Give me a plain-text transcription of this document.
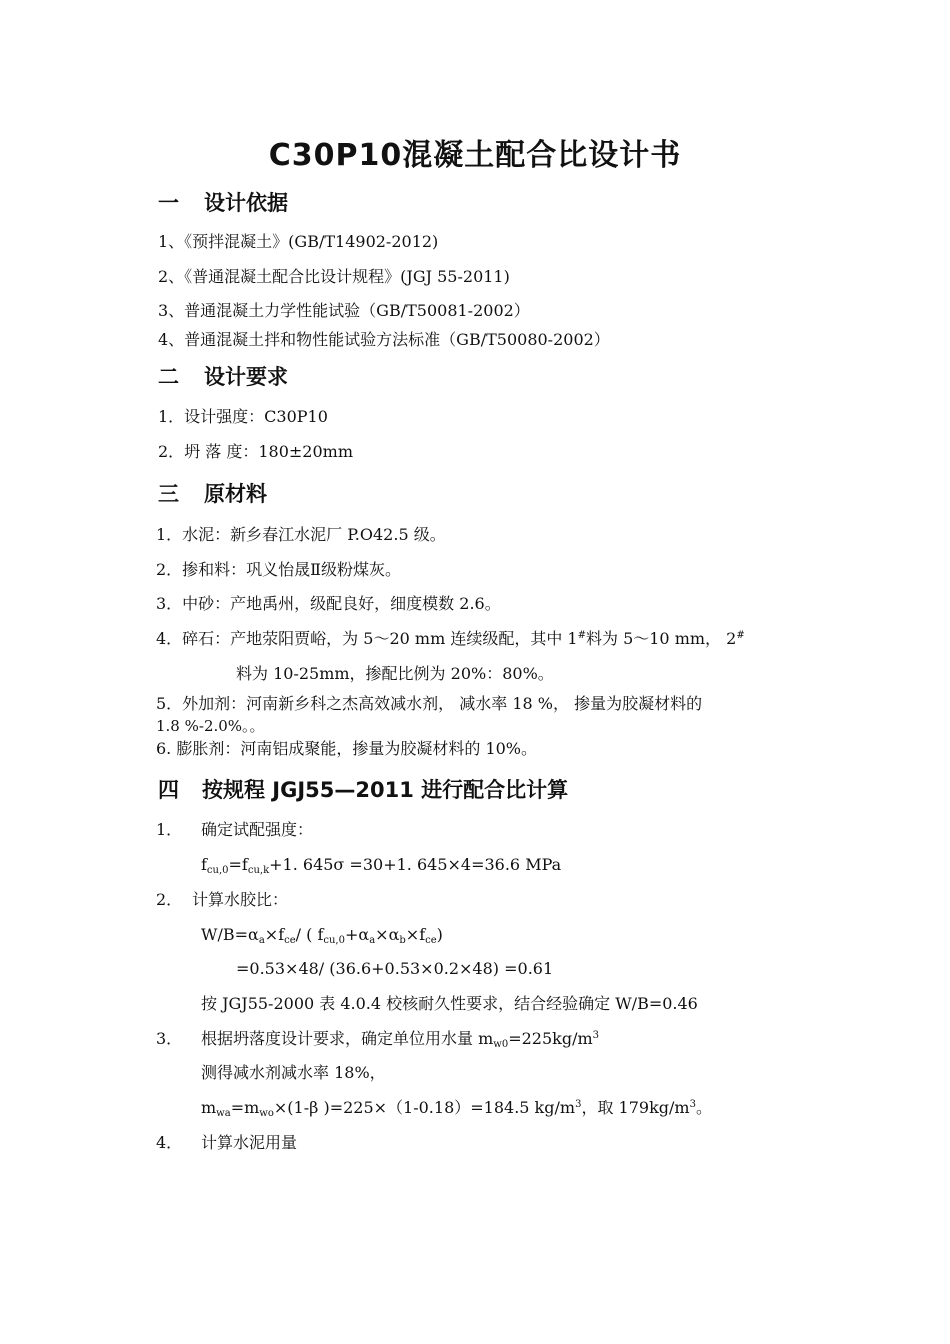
C30P10混凝土配合比设计书
一 设计依据
1、《预拌混凝土》(GB/T14902-2012)
2、《普通混凝土配合比设计规程》(JGJ 55-2011)
3、普通混凝土力学性能试验（GB/T50081-2002）
4、普通混凝土拌和物性能试验方法标准（GB/T50080-2002）
二 设计要求
1．设计强度：C30P10
2．坍 落 度：180±20mm
三 原材料
1．水泥：新乡春江水泥厂 P.O42.5 级。
2．掺和料：巩义怡晟Ⅱ级粉煤灰。
3．中砂：产地禹州，级配良好，细度模数 2.6。
4．碎石：产地荥阳贾峪，为 5～20 mm 连续级配，其中 1#料为 5～10 mm， 2#
料为 10-25mm，掺配比例为 20%：80%。
5．外加剂：河南新乡科之杰高效减水剂， 减水率 18 %， 掺量为胶凝材料的
1.8 %-2.0%。。
6. 膨胀剂：河南铝成聚能，掺量为胶凝材料的 10%。
四 按规程 JGJ55—2011 进行配合比计算
1． 确定试配强度：
$f_{cu,0}=f_{cu,k}+1$. 645σ =30+1. 645×4=36.6 MPa
2． 计算水胶比：
$W/B=\alpha_a\times f_{ce}/$ ( $f_{cu,0}+\alpha_a\times\alpha_b\times f_{ce}$)
=0.53×48/ (36.6+0.53×0.2×48) =0.61
按 JGJ55-2000 表 4.0.4 校核耐久性要求，结合经验确定 W/B=0.46
3． 根据坍落度设计要求，确定单位用水量 $m_{w0}=225kg/m^3$
测得减水剂减水率 18%，
$m_{wa}=m_{wo}\times(1-\beta$ )=225×（1-0.18）=184.5 $kg/m^3$，取 $179kg/m^3$。
4． 计算水泥用量
